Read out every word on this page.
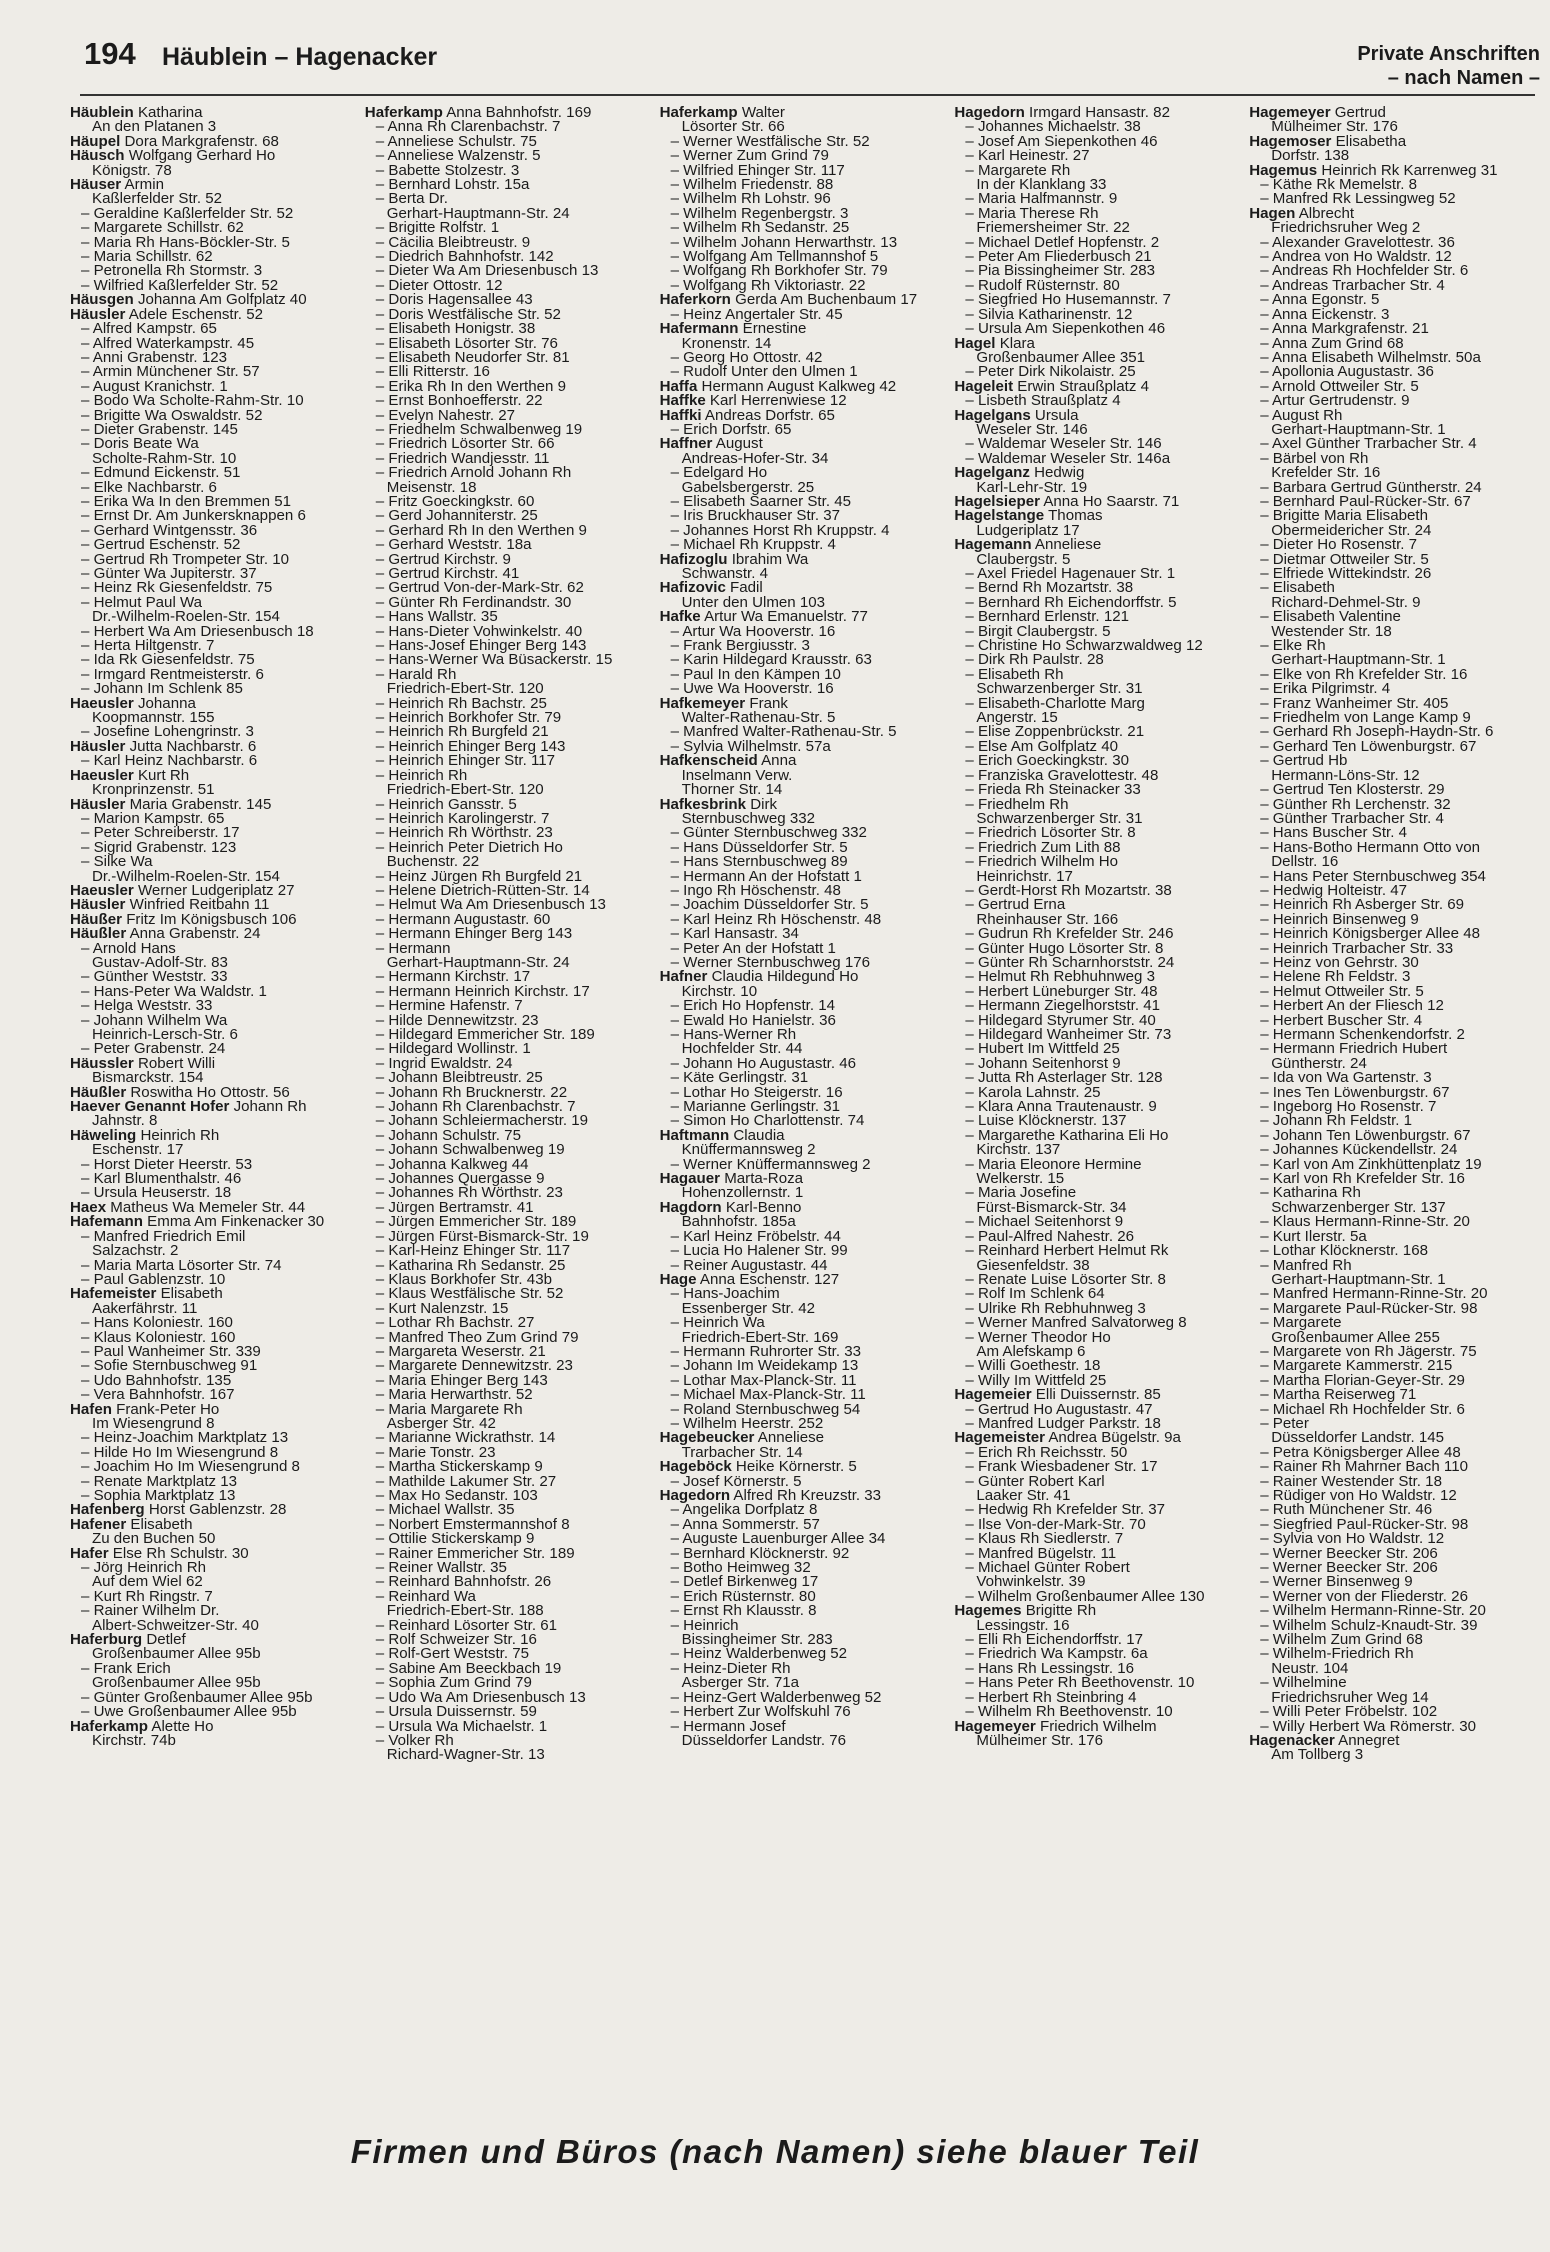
194 Häublein – Hagenacker	Private Anschriften
– nach Namen –
Häublein Katharina
An den Platanen 3
Häupel Dora Markgrafenstr. 68
Häusch Wolfgang Gerhard Ho
Königstr. 78
Häuser Armin
Kaßlerfelder Str. 52
– Geraldine Kaßlerfelder Str. 52
– Margarete Schillstr. 62
– Maria Rh Hans-Böckler-Str. 5
– Maria Schillstr. 62
– Petronella Rh Stormstr. 3
– Wilfried Kaßlerfelder Str. 52
Häusgen Johanna Am Golfplatz 40
Häusler Adele Eschenstr. 52
– Alfred Kampstr. 65
– Alfred Waterkampstr. 45
– Anni Grabenstr. 123
– Armin Münchener Str. 57
– August Kranichstr. 1
– Bodo Wa Scholte-Rahm-Str. 10
– Brigitte Wa Oswaldstr. 52
– Dieter Grabenstr. 145
– Doris Beate Wa
Scholte-Rahm-Str. 10
– Edmund Eickenstr. 51
– Elke Nachbarstr. 6
– Erika Wa In den Bremmen 51
– Ernst Dr. Am Junkersknappen 6
– Gerhard Wintgensstr. 36
– Gertrud Eschenstr. 52
– Gertrud Rh Trompeter Str. 10
– Günter Wa Jupiterstr. 37
– Heinz Rk Giesenfeldstr. 75
– Helmut Paul Wa
Dr.-Wilhelm-Roelen-Str. 154
– Herbert Wa Am Driesenbusch 18
– Herta Hiltgenstr. 7
– Ida Rk Giesenfeldstr. 75
– Irmgard Rentmeisterstr. 6
– Johann Im Schlenk 85
Haeusler Johanna
Koopmannstr. 155
– Josefine Lohengrinstr. 3
Häusler Jutta Nachbarstr. 6
– Karl Heinz Nachbarstr. 6
Haeusler Kurt Rh
Kronprinzenstr. 51
Häusler Maria Grabenstr. 145
– Marion Kampstr. 65
– Peter Schreiberstr. 17
– Sigrid Grabenstr. 123
– Silke Wa
Dr.-Wilhelm-Roelen-Str. 154
Haeusler Werner Ludgeriplatz 27
Häusler Winfried Reitbahn 11
Häußer Fritz Im Königsbusch 106
Häußler Anna Grabenstr. 24
– Arnold Hans
Gustav-Adolf-Str. 83
– Günther Weststr. 33
– Hans-Peter Wa Waldstr. 1
– Helga Weststr. 33
– Johann Wilhelm Wa
Heinrich-Lersch-Str. 6
– Peter Grabenstr. 24
Häussler Robert Willi
Bismarckstr. 154
Häußler Roswitha Ho Ottostr. 56
Haever Genannt Hofer Johann Rh
Jahnstr. 8
Häweling Heinrich Rh
Eschenstr. 17
– Horst Dieter Heerstr. 53
– Karl Blumenthalstr. 46
– Ursula Heuserstr. 18
Haex Matheus Wa Memeler Str. 44
Hafemann Emma Am Finkenacker 30
– Manfred Friedrich Emil
Salzachstr. 2
– Maria Marta Lösorter Str. 74
– Paul Gablenzstr. 10
Hafemeister Elisabeth
Aakerfährstr. 11
– Hans Koloniestr. 160
– Klaus Koloniestr. 160
– Paul Wanheimer Str. 339
– Sofie Sternbuschweg 91
– Udo Bahnhofstr. 135
– Vera Bahnhofstr. 167
Hafen Frank-Peter Ho
Im Wiesengrund 8
– Heinz-Joachim Marktplatz 13
– Hilde Ho Im Wiesengrund 8
– Joachim Ho Im Wiesengrund 8
– Renate Marktplatz 13
– Sophia Marktplatz 13
Hafenberg Horst Gablenzstr. 28
Hafener Elisabeth
Zu den Buchen 50
Hafer Else Rh Schulstr. 30
– Jörg Heinrich Rh
Auf dem Wiel 62
– Kurt Rh Ringstr. 7
– Rainer Wilhelm Dr.
Albert-Schweitzer-Str. 40
Haferburg Detlef
Großenbaumer Allee 95b
– Frank Erich
Großenbaumer Allee 95b
– Günter Großenbaumer Allee 95b
– Uwe Großenbaumer Allee 95b
Haferkamp Alette Ho
Kirchstr. 74b
Haferkamp Anna Bahnhofstr. 169
– Anna Rh Clarenbachstr. 7
– Anneliese Schulstr. 75
– Anneliese Walzenstr. 5
– Babette Stolzestr. 3
– Bernhard Lohstr. 15a
– Berta Dr.
Gerhart-Hauptmann-Str. 24
– Brigitte Rolfstr. 1
– Cäcilia Bleibtreustr. 9
– Diedrich Bahnhofstr. 142
– Dieter Wa Am Driesenbusch 13
– Dieter Ottostr. 12
– Doris Hagensallee 43
– Doris Westfälische Str. 52
– Elisabeth Honigstr. 38
– Elisabeth Lösorter Str. 76
– Elisabeth Neudorfer Str. 81
– Elli Ritterstr. 16
– Erika Rh In den Werthen 9
– Ernst Bonhoefferstr. 22
– Evelyn Nahestr. 27
– Friedhelm Schwalbenweg 19
– Friedrich Lösorter Str. 66
– Friedrich Wandjesstr. 11
– Friedrich Arnold Johann Rh
Meisenstr. 18
– Fritz Goeckingkstr. 60
– Gerd Johanniterstr. 25
– Gerhard Rh In den Werthen 9
– Gerhard Weststr. 18a
– Gertrud Kirchstr. 9
– Gertrud Kirchstr. 41
– Gertrud Von-der-Mark-Str. 62
– Günter Rh Ferdinandstr. 30
– Hans Wallstr. 35
– Hans-Dieter Vohwinkelstr. 40
– Hans-Josef Ehinger Berg 143
– Hans-Werner Wa Büsackerstr. 15
– Harald Rh
Friedrich-Ebert-Str. 120
– Heinrich Rh Bachstr. 25
– Heinrich Borkhofer Str. 79
– Heinrich Rh Burgfeld 21
– Heinrich Ehinger Berg 143
– Heinrich Ehinger Str. 117
– Heinrich Rh
Friedrich-Ebert-Str. 120
– Heinrich Gansstr. 5
– Heinrich Karolingerstr. 7
– Heinrich Rh Wörthstr. 23
– Heinrich Peter Dietrich Ho
Buchenstr. 22
– Heinz Jürgen Rh Burgfeld 21
– Helene Dietrich-Rütten-Str. 14
– Helmut Wa Am Driesenbusch 13
– Hermann Augustastr. 60
– Hermann Ehinger Berg 143
– Hermann
Gerhart-Hauptmann-Str. 24
– Hermann Kirchstr. 17
– Hermann Heinrich Kirchstr. 17
– Hermine Hafenstr. 7
– Hilde Dennewitzstr. 23
– Hildegard Emmericher Str. 189
– Hildegard Wollinstr. 1
– Ingrid Ewaldstr. 24
– Johann Bleibtreustr. 25
– Johann Rh Brucknerstr. 22
– Johann Rh Clarenbachstr. 7
– Johann Schleiermacherstr. 19
– Johann Schulstr. 75
– Johann Schwalbenweg 19
– Johanna Kalkweg 44
– Johannes Quergasse 9
– Johannes Rh Wörthstr. 23
– Jürgen Bertramstr. 41
– Jürgen Emmericher Str. 189
– Jürgen Fürst-Bismarck-Str. 19
– Karl-Heinz Ehinger Str. 117
– Katharina Rh Sedanstr. 25
– Klaus Borkhofer Str. 43b
– Klaus Westfälische Str. 52
– Kurt Nalenzstr. 15
– Lothar Rh Bachstr. 27
– Manfred Theo Zum Grind 79
– Margareta Weserstr. 21
– Margarete Dennewitzstr. 23
– Maria Ehinger Berg 143
– Maria Herwarthstr. 52
– Maria Margarete Rh
Asberger Str. 42
– Marianne Wickrathstr. 14
– Marie Tonstr. 23
– Martha Stickerskamp 9
– Mathilde Lakumer Str. 27
– Max Ho Sedanstr. 103
– Michael Wallstr. 35
– Norbert Emstermannshof 8
– Ottilie Stickerskamp 9
– Rainer Emmericher Str. 189
– Reiner Wallstr. 35
– Reinhard Bahnhofstr. 26
– Reinhard Wa
Friedrich-Ebert-Str. 188
– Reinhard Lösorter Str. 61
– Rolf Schweizer Str. 16
– Rolf-Gert Weststr. 75
– Sabine Am Beeckbach 19
– Sophia Zum Grind 79
– Udo Wa Am Driesenbusch 13
– Ursula Duissernstr. 59
– Ursula Wa Michaelstr. 1
– Volker Rh
Richard-Wagner-Str. 13
Haferkamp Walter
Lösorter Str. 66
– Werner Westfälische Str. 52
– Werner Zum Grind 79
– Wilfried Ehinger Str. 117
– Wilhelm Friedenstr. 88
– Wilhelm Rh Lohstr. 96
– Wilhelm Regenbergstr. 3
– Wilhelm Rh Sedanstr. 25
– Wilhelm Johann Herwarthstr. 13
– Wolfgang Am Tellmannshof 5
– Wolfgang Rh Borkhofer Str. 79
– Wolfgang Rh Viktoriastr. 22
Haferkorn Gerda Am Buchenbaum 17
– Heinz Angertaler Str. 45
Hafermann Ernestine
Kronenstr. 14
– Georg Ho Ottostr. 42
– Rudolf Unter den Ulmen 1
Haffa Hermann August Kalkweg 42
Haffke Karl Herrenwiese 12
Haffki Andreas Dorfstr. 65
– Erich Dorfstr. 65
Haffner August
Andreas-Hofer-Str. 34
– Edelgard Ho
Gabelsbergerstr. 25
– Elisabeth Saarner Str. 45
– Iris Bruckhauser Str. 37
– Johannes Horst Rh Kruppstr. 4
– Michael Rh Kruppstr. 4
Hafizoglu Ibrahim Wa
Schwanstr. 4
Hafizovic Fadil
Unter den Ulmen 103
Hafke Artur Wa Emanuelstr. 77
– Artur Wa Hooverstr. 16
– Frank Bergiusstr. 3
– Karin Hildegard Krausstr. 63
– Paul In den Kämpen 10
– Uwe Wa Hooverstr. 16
Hafkemeyer Frank
Walter-Rathenau-Str. 5
– Manfred Walter-Rathenau-Str. 5
– Sylvia Wilhelmstr. 57a
Hafkenscheid Anna
Inselmann Verw.
Thorner Str. 14
Hafkesbrink Dirk
Sternbuschweg 332
– Günter Sternbuschweg 332
– Hans Düsseldorfer Str. 5
– Hans Sternbuschweg 89
– Hermann An der Hofstatt 1
– Ingo Rh Höschenstr. 48
– Joachim Düsseldorfer Str. 5
– Karl Heinz Rh Höschenstr. 48
– Karl Hansastr. 34
– Peter An der Hofstatt 1
– Werner Sternbuschweg 176
Hafner Claudia Hildegund Ho
Kirchstr. 10
– Erich Ho Hopfenstr. 14
– Ewald Ho Hanielstr. 36
– Hans-Werner Rh
Hochfelder Str. 44
– Johann Ho Augustastr. 46
– Käte Gerlingstr. 31
– Lothar Ho Steigerstr. 16
– Marianne Gerlingstr. 31
– Simon Ho Charlottenstr. 74
Haftmann Claudia
Knüffermannsweg 2
– Werner Knüffermannsweg 2
Hagauer Marta-Roza
Hohenzollernstr. 1
Hagdorn Karl-Benno
Bahnhofstr. 185a
– Karl Heinz Fröbelstr. 44
– Lucia Ho Halener Str. 99
– Reiner Augustastr. 44
Hage Anna Eschenstr. 127
– Hans-Joachim
Essenberger Str. 42
– Heinrich Wa
Friedrich-Ebert-Str. 169
– Hermann Ruhrorter Str. 33
– Johann Im Weidekamp 13
– Lothar Max-Planck-Str. 11
– Michael Max-Planck-Str. 11
– Roland Sternbuschweg 54
– Wilhelm Heerstr. 252
Hagebeucker Anneliese
Trarbacher Str. 14
Hageböck Heike Körnerstr. 5
– Josef Körnerstr. 5
Hagedorn Alfred Rh Kreuzstr. 33
– Angelika Dorfplatz 8
– Anna Sommerstr. 57
– Auguste Lauenburger Allee 34
– Bernhard Klöcknerstr. 92
– Botho Heimweg 32
– Detlef Birkenweg 17
– Erich Rüsternstr. 80
– Ernst Rh Klausstr. 8
– Heinrich
Bissingheimer Str. 283
– Heinz Walderbenweg 52
– Heinz-Dieter Rh
Asberger Str. 71a
– Heinz-Gert Walderbenweg 52
– Herbert Zur Wolfskuhl 76
– Hermann Josef
Düsseldorfer Landstr. 76
Hagedorn Irmgard Hansastr. 82
– Johannes Michaelstr. 38
– Josef Am Siepenkothen 46
– Karl Heinestr. 27
– Margarete Rh
In der Klanklang 33
– Maria Halfmannstr. 9
– Maria Therese Rh
Friemersheimer Str. 22
– Michael Detlef Hopfenstr. 2
– Peter Am Fliederbusch 21
– Pia Bissingheimer Str. 283
– Rudolf Rüsternstr. 80
– Siegfried Ho Husemannstr. 7
– Silvia Katharinenstr. 12
– Ursula Am Siepenkothen 46
Hagel Klara
Großenbaumer Allee 351
– Peter Dirk Nikolaistr. 25
Hageleit Erwin Straußplatz 4
– Lisbeth Straußplatz 4
Hagelgans Ursula
Weseler Str. 146
– Waldemar Weseler Str. 146
– Waldemar Weseler Str. 146a
Hagelganz Hedwig
Karl-Lehr-Str. 19
Hagelsieper Anna Ho Saarstr. 71
Hagelstange Thomas
Ludgeriplatz 17
Hagemann Anneliese
Claubergstr. 5
– Axel Friedel Hagenauer Str. 1
– Bernd Rh Mozartstr. 38
– Bernhard Rh Eichendorffstr. 5
– Bernhard Erlenstr. 121
– Birgit Claubergstr. 5
– Christine Ho Schwarzwaldweg 12
– Dirk Rh Paulstr. 28
– Elisabeth Rh
Schwarzenberger Str. 31
– Elisabeth-Charlotte Marg
Angerstr. 15
– Elise Zoppenbrückstr. 21
– Else Am Golfplatz 40
– Erich Goeckingkstr. 30
– Franziska Gravelottestr. 48
– Frieda Rh Steinacker 33
– Friedhelm Rh
Schwarzenberger Str. 31
– Friedrich Lösorter Str. 8
– Friedrich Zum Lith 88
– Friedrich Wilhelm Ho
Heinrichstr. 17
– Gerdt-Horst Rh Mozartstr. 38
– Gertrud Erna
Rheinhauser Str. 166
– Gudrun Rh Krefelder Str. 246
– Günter Hugo Lösorter Str. 8
– Günter Rh Scharnhorststr. 24
– Helmut Rh Rebhuhnweg 3
– Herbert Lüneburger Str. 48
– Hermann Ziegelhorststr. 41
– Hildegard Styrumer Str. 40
– Hildegard Wanheimer Str. 73
– Hubert Im Wittfeld 25
– Johann Seitenhorst 9
– Jutta Rh Asterlager Str. 128
– Karola Lahnstr. 25
– Klara Anna Trautenaustr. 9
– Luise Klöcknerstr. 137
– Margarethe Katharina Eli Ho
Kirchstr. 137
– Maria Eleonore Hermine
Welkerstr. 15
– Maria Josefine
Fürst-Bismarck-Str. 34
– Michael Seitenhorst 9
– Paul-Alfred Nahestr. 26
– Reinhard Herbert Helmut Rk
Giesenfeldstr. 38
– Renate Luise Lösorter Str. 8
– Rolf Im Schlenk 64
– Ulrike Rh Rebhuhnweg 3
– Werner Manfred Salvatorweg 8
– Werner Theodor Ho
Am Alefskamp 6
– Willi Goethestr. 18
– Willy Im Wittfeld 25
Hagemeier Elli Duissernstr. 85
– Gertrud Ho Augustastr. 47
– Manfred Ludger Parkstr. 18
Hagemeister Andrea Bügelstr. 9a
– Erich Rh Reichsstr. 50
– Frank Wiesbadener Str. 17
– Günter Robert Karl
Laaker Str. 41
– Hedwig Rh Krefelder Str. 37
– Ilse Von-der-Mark-Str. 70
– Klaus Rh Siedlerstr. 7
– Manfred Bügelstr. 11
– Michael Günter Robert
Vohwinkelstr. 39
– Wilhelm Großenbaumer Allee 130
Hagemes Brigitte Rh
Lessingstr. 16
– Elli Rh Eichendorffstr. 17
– Friedrich Wa Kampstr. 6a
– Hans Rh Lessingstr. 16
– Hans Peter Rh Beethovenstr. 10
– Herbert Rh Steinbring 4
– Wilhelm Rh Beethovenstr. 10
Hagemeyer Friedrich Wilhelm
Mülheimer Str. 176
Hagemeyer Gertrud
Mülheimer Str. 176
Hagemoser Elisabetha
Dorfstr. 138
Hagemus Heinrich Rk Karrenweg 31
– Käthe Rk Memelstr. 8
– Manfred Rk Lessingweg 52
Hagen Albrecht
Friedrichsruher Weg 2
– Alexander Gravelottestr. 36
– Andrea von Ho Waldstr. 12
– Andreas Rh Hochfelder Str. 6
– Andreas Trarbacher Str. 4
– Anna Egonstr. 5
– Anna Eickenstr. 3
– Anna Markgrafenstr. 21
– Anna Zum Grind 68
– Anna Elisabeth Wilhelmstr. 50a
– Apollonia Augustastr. 36
– Arnold Ottweiler Str. 5
– Artur Gertrudenstr. 9
– August Rh
Gerhart-Hauptmann-Str. 1
– Axel Günther Trarbacher Str. 4
– Bärbel von Rh
Krefelder Str. 16
– Barbara Gertrud Güntherstr. 24
– Bernhard Paul-Rücker-Str. 67
– Brigitte Maria Elisabeth
Obermeidericher Str. 24
– Dieter Ho Rosenstr. 7
– Dietmar Ottweiler Str. 5
– Elfriede Wittekindstr. 26
– Elisabeth
Richard-Dehmel-Str. 9
– Elisabeth Valentine
Westender Str. 18
– Elke Rh
Gerhart-Hauptmann-Str. 1
– Elke von Rh Krefelder Str. 16
– Erika Pilgrimstr. 4
– Franz Wanheimer Str. 405
– Friedhelm von Lange Kamp 9
– Gerhard Rh Joseph-Haydn-Str. 6
– Gerhard Ten Löwenburgstr. 67
– Gertrud Hb
Hermann-Löns-Str. 12
– Gertrud Ten Klosterstr. 29
– Günther Rh Lerchenstr. 32
– Günther Trarbacher Str. 4
– Hans Buscher Str. 4
– Hans-Botho Hermann Otto von
Dellstr. 16
– Hans Peter Sternbuschweg 354
– Hedwig Holteistr. 47
– Heinrich Rh Asberger Str. 69
– Heinrich Binsenweg 9
– Heinrich Königsberger Allee 48
– Heinrich Trarbacher Str. 33
– Heinz von Gehrstr. 30
– Helene Rh Feldstr. 3
– Helmut Ottweiler Str. 5
– Herbert An der Fliesch 12
– Herbert Buscher Str. 4
– Hermann Schenkendorfstr. 2
– Hermann Friedrich Hubert
Güntherstr. 24
– Ida von Wa Gartenstr. 3
– Ines Ten Löwenburgstr. 67
– Ingeborg Ho Rosenstr. 7
– Johann Rh Feldstr. 1
– Johann Ten Löwenburgstr. 67
– Johannes Kückendellstr. 24
– Karl von Am Zinkhüttenplatz 19
– Karl von Rh Krefelder Str. 16
– Katharina Rh
Schwarzenberger Str. 137
– Klaus Hermann-Rinne-Str. 20
– Kurt Ilerstr. 5a
– Lothar Klöcknerstr. 168
– Manfred Rh
Gerhart-Hauptmann-Str. 1
– Manfred Hermann-Rinne-Str. 20
– Margarete Paul-Rücker-Str. 98
– Margarete
Großenbaumer Allee 255
– Margarete von Rh Jägerstr. 75
– Margarete Kammerstr. 215
– Martha Florian-Geyer-Str. 29
– Martha Reiserweg 71
– Michael Rh Hochfelder Str. 6
– Peter
Düsseldorfer Landstr. 145
– Petra Königsberger Allee 48
– Rainer Rh Mahrner Bach 110
– Rainer Westender Str. 18
– Rüdiger von Ho Waldstr. 12
– Ruth Münchener Str. 46
– Siegfried Paul-Rücker-Str. 98
– Sylvia von Ho Waldstr. 12
– Werner Beecker Str. 206
– Werner Beecker Str. 206
– Werner Binsenweg 9
– Werner von der Fliederstr. 26
– Wilhelm Hermann-Rinne-Str. 20
– Wilhelm Schulz-Knaudt-Str. 39
– Wilhelm Zum Grind 68
– Wilhelm-Friedrich Rh
Neustr. 104
– Wilhelmine
Friedrichsruher Weg 14
– Willi Peter Fröbelstr. 102
– Willy Herbert Wa Römerstr. 30
Hagenacker Annegret
Am Tollberg 3
Firmen und Büros (nach Namen) siehe blauer Teil
